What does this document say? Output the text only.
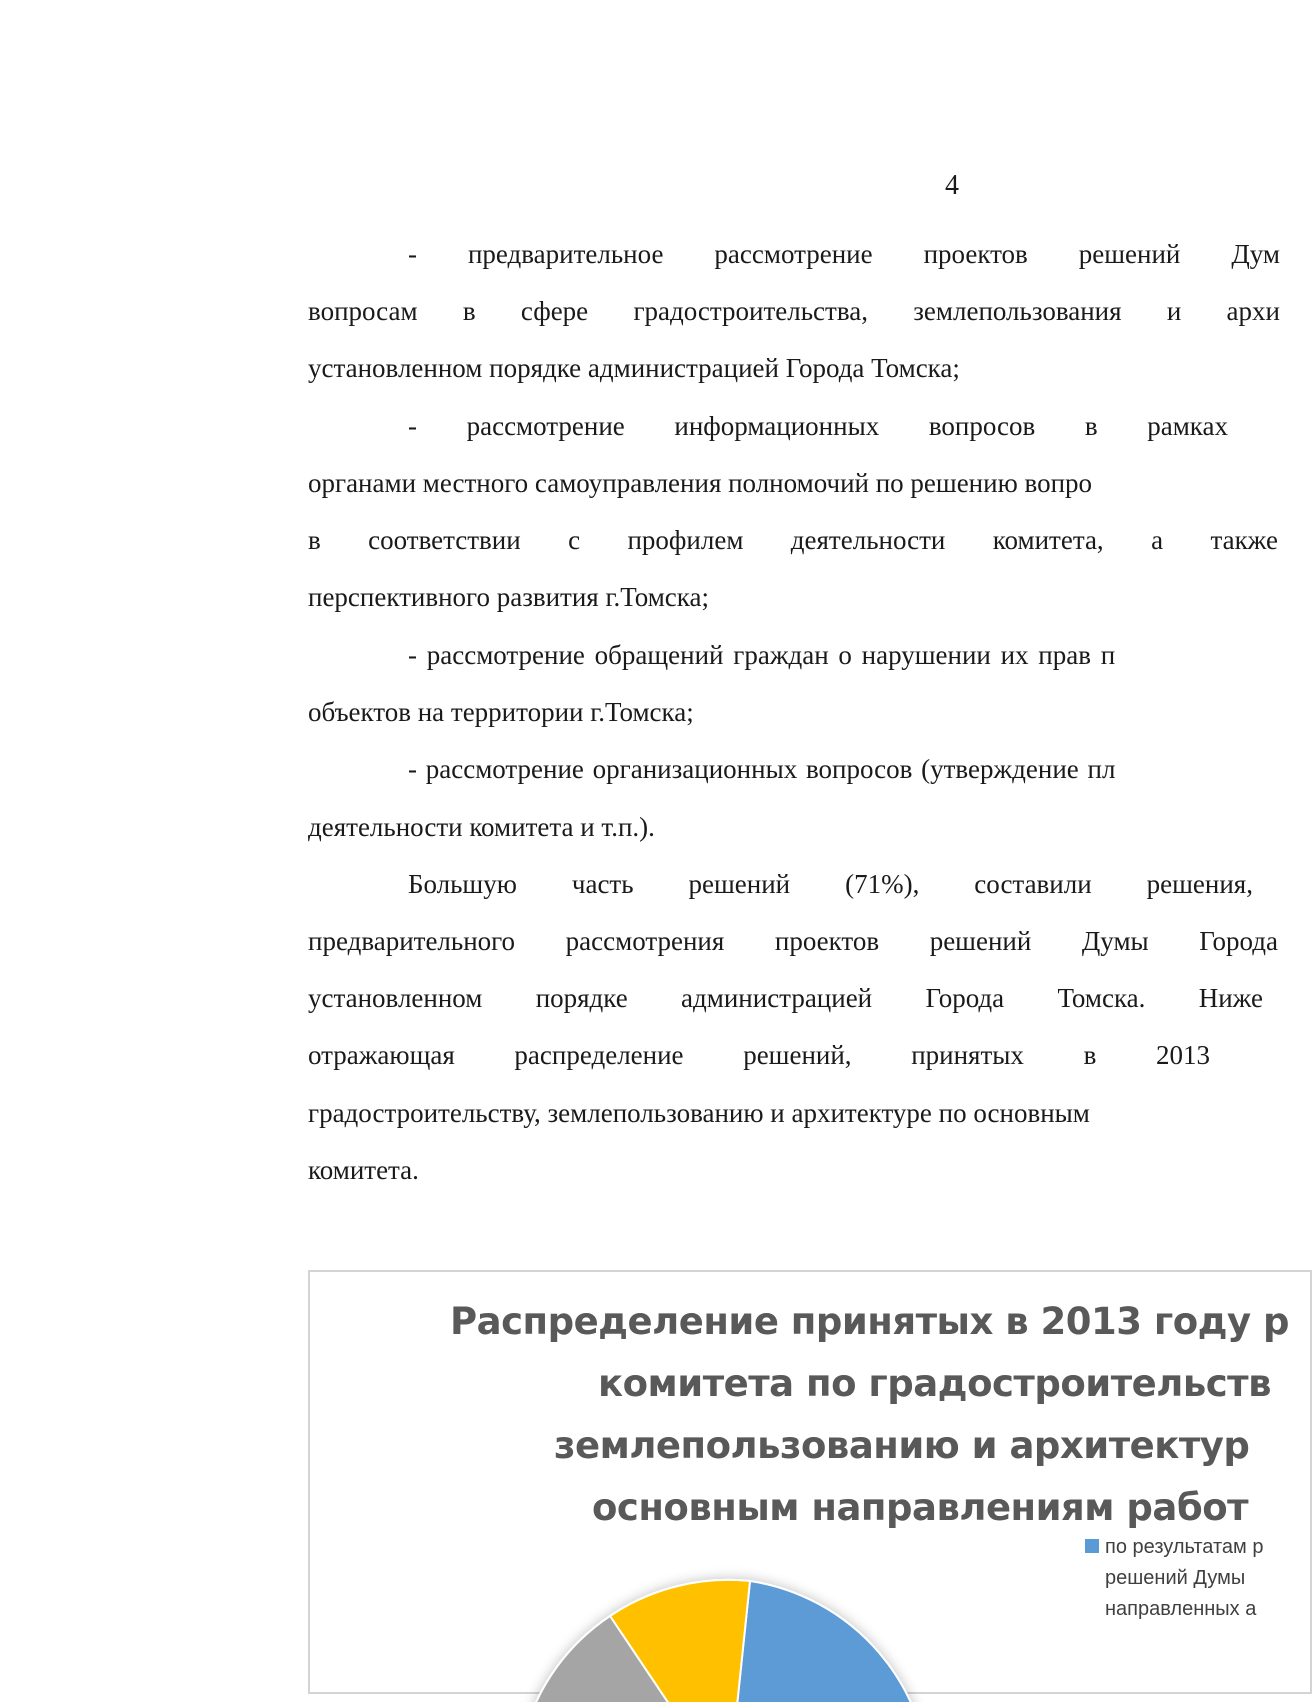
4
- предварительное рассмотрение проектов решений Дум
вопросам в сфере градостроительства, землепользования и архи
установленном порядке администрацией Города Томска;
- рассмотрение информационных вопросов в рамках
органами местного самоуправления полномочий по решению вопро
в соответствии с профилем деятельности комитета, а также
перспективного развития г.Томска;
- рассмотрение обращений граждан о нарушении их прав п
объектов на территории г.Томска;
- рассмотрение организационных вопросов (утверждение пл
деятельности комитета и т.п.).
Большую часть решений (71%), составили решения,
предварительного рассмотрения проектов решений Думы Города
установленном порядке администрацией Города Томска. Ниже
отражающая распределение решений, принятых в 2013
градостроительству, землепользованию и архитектуре по основным
комитета.
Распределение принятых в 2013 году р
комитета по градостроительств
землепользованию и архитектур
основным направлениям работ
по результатам р
решений Думы
направленных а
